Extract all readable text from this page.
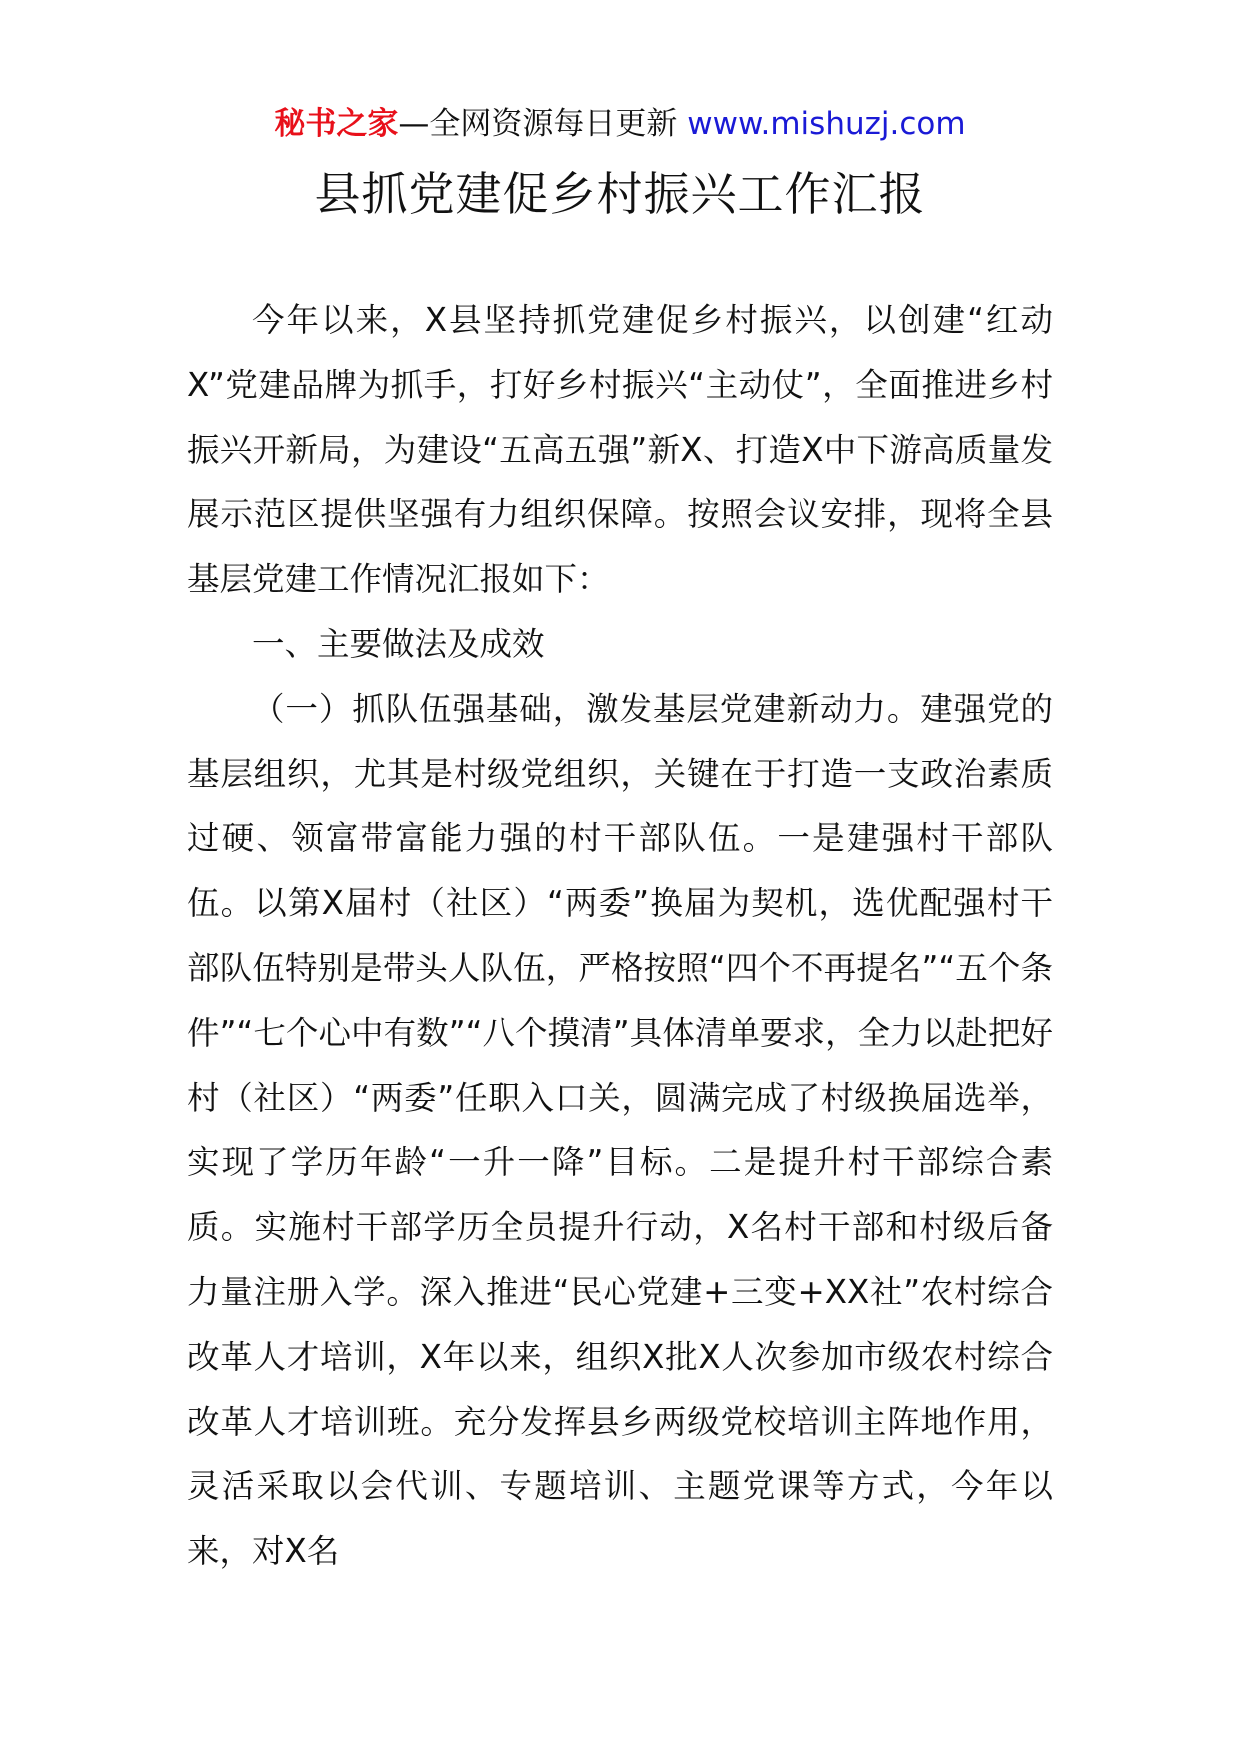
秘书之家—全网资源每日更新 www.mishuzj.com
县抓党建促乡村振兴工作汇报

今年以来，X县坚持抓党建促乡村振兴，以创建“红动X”党建品牌为抓手，打好乡村振兴“主动仗”，全面推进乡村振兴开新局，为建设“五高五强”新X、打造X中下游高质量发展示范区提供坚强有力组织保障。按照会议安排，现将全县基层党建工作情况汇报如下：

一、主要做法及成效

（一）抓队伍强基础，激发基层党建新动力。建强党的基层组织，尤其是村级党组织，关键在于打造一支政治素质过硬、领富带富能力强的村干部队伍。一是建强村干部队伍。以第X届村（社区）“两委”换届为契机，选优配强村干部队伍特别是带头人队伍，严格按照“四个不再提名”“五个条件”“七个心中有数”“八个摸清”具体清单要求，全力以赴把好村（社区）“两委”任职入口关，圆满完成了村级换届选举，实现了学历年龄“一升一降”目标。二是提升村干部综合素质。实施村干部学历全员提升行动，X名村干部和村级后备力量注册入学。深入推进“民心党建+三变+XX社”农村综合改革人才培训，X年以来，组织X批X人次参加市级农村综合改革人才培训班。充分发挥县乡两级党校培训主阵地作用，灵活采取以会代训、专题培训、主题党课等方式，今年以来，对X名
